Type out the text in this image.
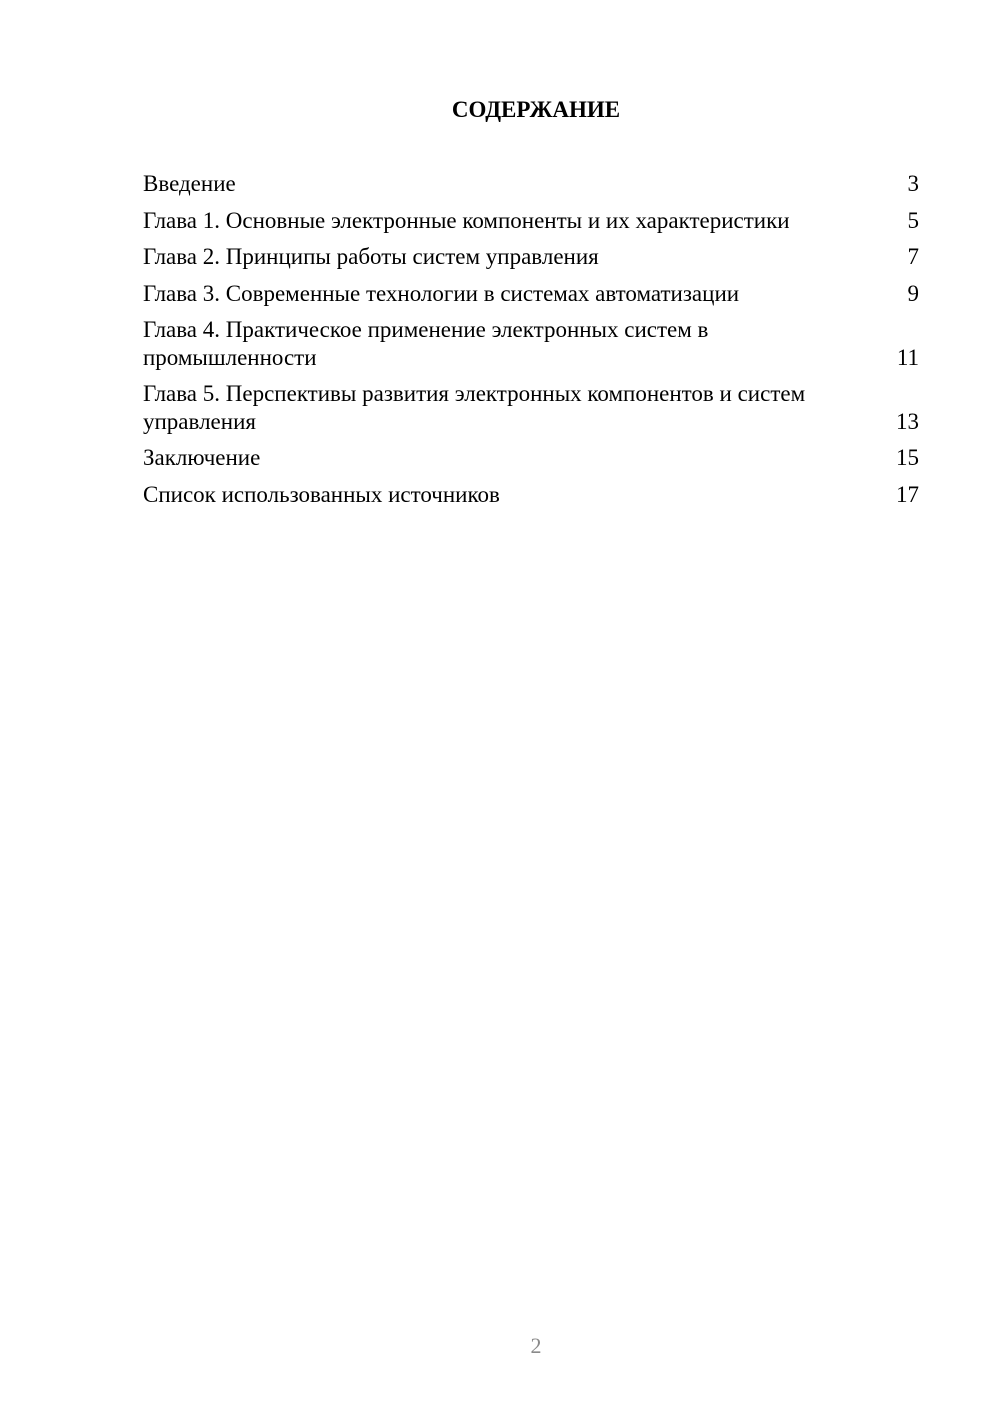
СОДЕРЖАНИЕ
Введение	3
Глава 1. Основные электронные компоненты и их характеристики	5
Глава 2. Принципы работы систем управления	7
Глава 3. Современные технологии в системах автоматизации	9
Глава 4. Практическое применение электронных систем в промышленности	11
Глава 5. Перспективы развития электронных компонентов и систем управления	13
Заключение	15
Список использованных источников	17
2
